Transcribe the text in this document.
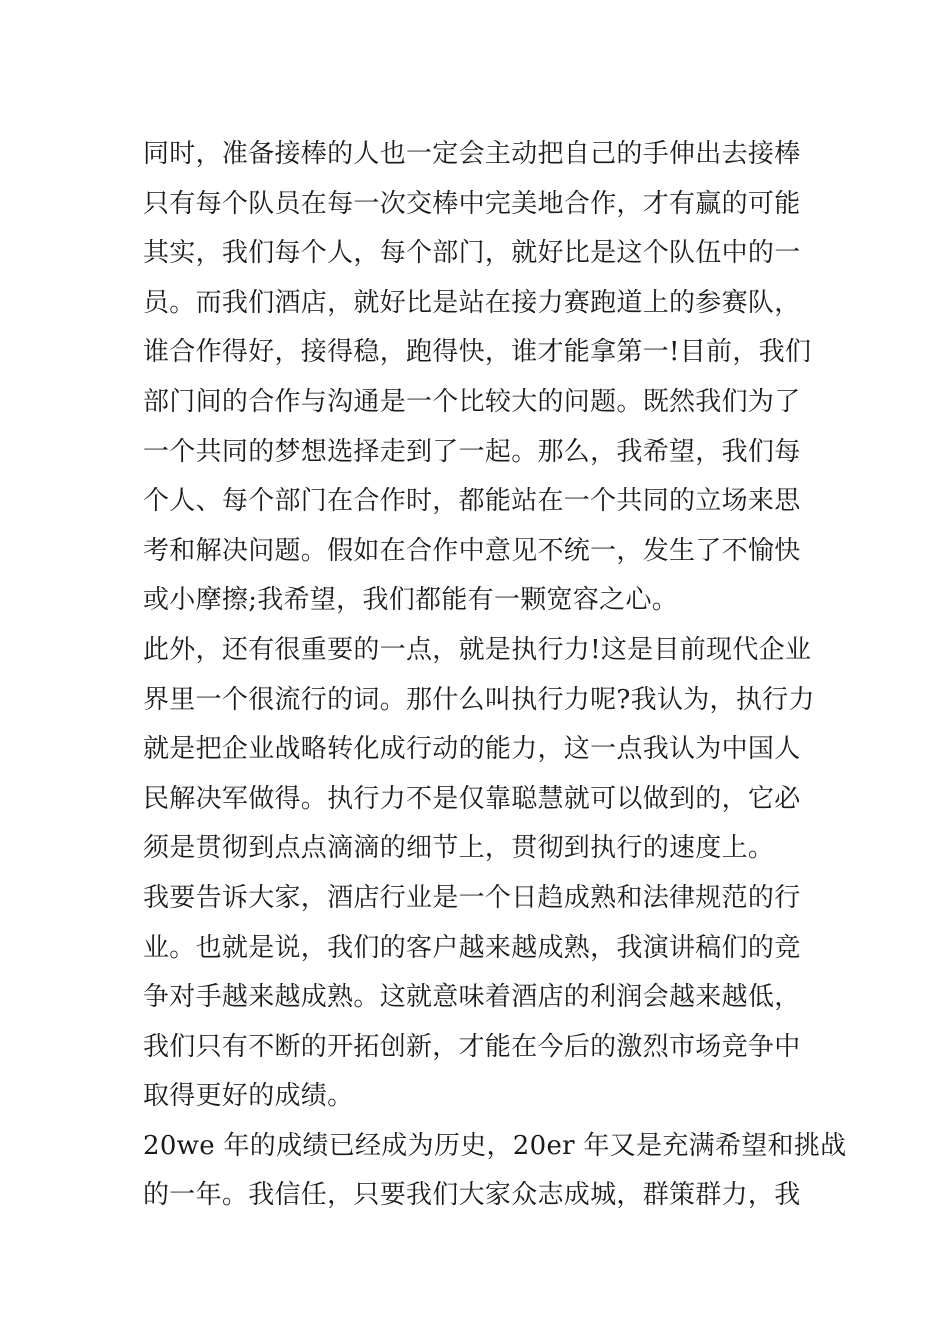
同时，准备接棒的人也一定会主动把自己的手伸出去接棒
只有每个队员在每一次交棒中完美地合作，才有赢的可能
其实，我们每个人，每个部门，就好比是这个队伍中的一
员。而我们酒店，就好比是站在接力赛跑道上的参赛队，
谁合作得好，接得稳，跑得快，谁才能拿第一!目前，我们
部门间的合作与沟通是一个比较大的问题。既然我们为了
一个共同的梦想选择走到了一起。那么，我希望，我们每
个人、每个部门在合作时，都能站在一个共同的立场来思
考和解决问题。假如在合作中意见不统一，发生了不愉快
或小摩擦;我希望，我们都能有一颗宽容之心。
此外，还有很重要的一点，就是执行力!这是目前现代企业
界里一个很流行的词。那什么叫执行力呢?我认为，执行力
就是把企业战略转化成行动的能力，这一点我认为中国人
民解决军做得。执行力不是仅靠聪慧就可以做到的，它必
须是贯彻到点点滴滴的细节上，贯彻到执行的速度上。
我要告诉大家，酒店行业是一个日趋成熟和法律规范的行
业。也就是说，我们的客户越来越成熟，我演讲稿们的竞
争对手越来越成熟。这就意味着酒店的利润会越来越低，
我们只有不断的开拓创新，才能在今后的激烈市场竞争中
取得更好的成绩。
20we 年的成绩已经成为历史，20er 年又是充满希望和挑战
的一年。我信任，只要我们大家众志成城，群策群力，我
